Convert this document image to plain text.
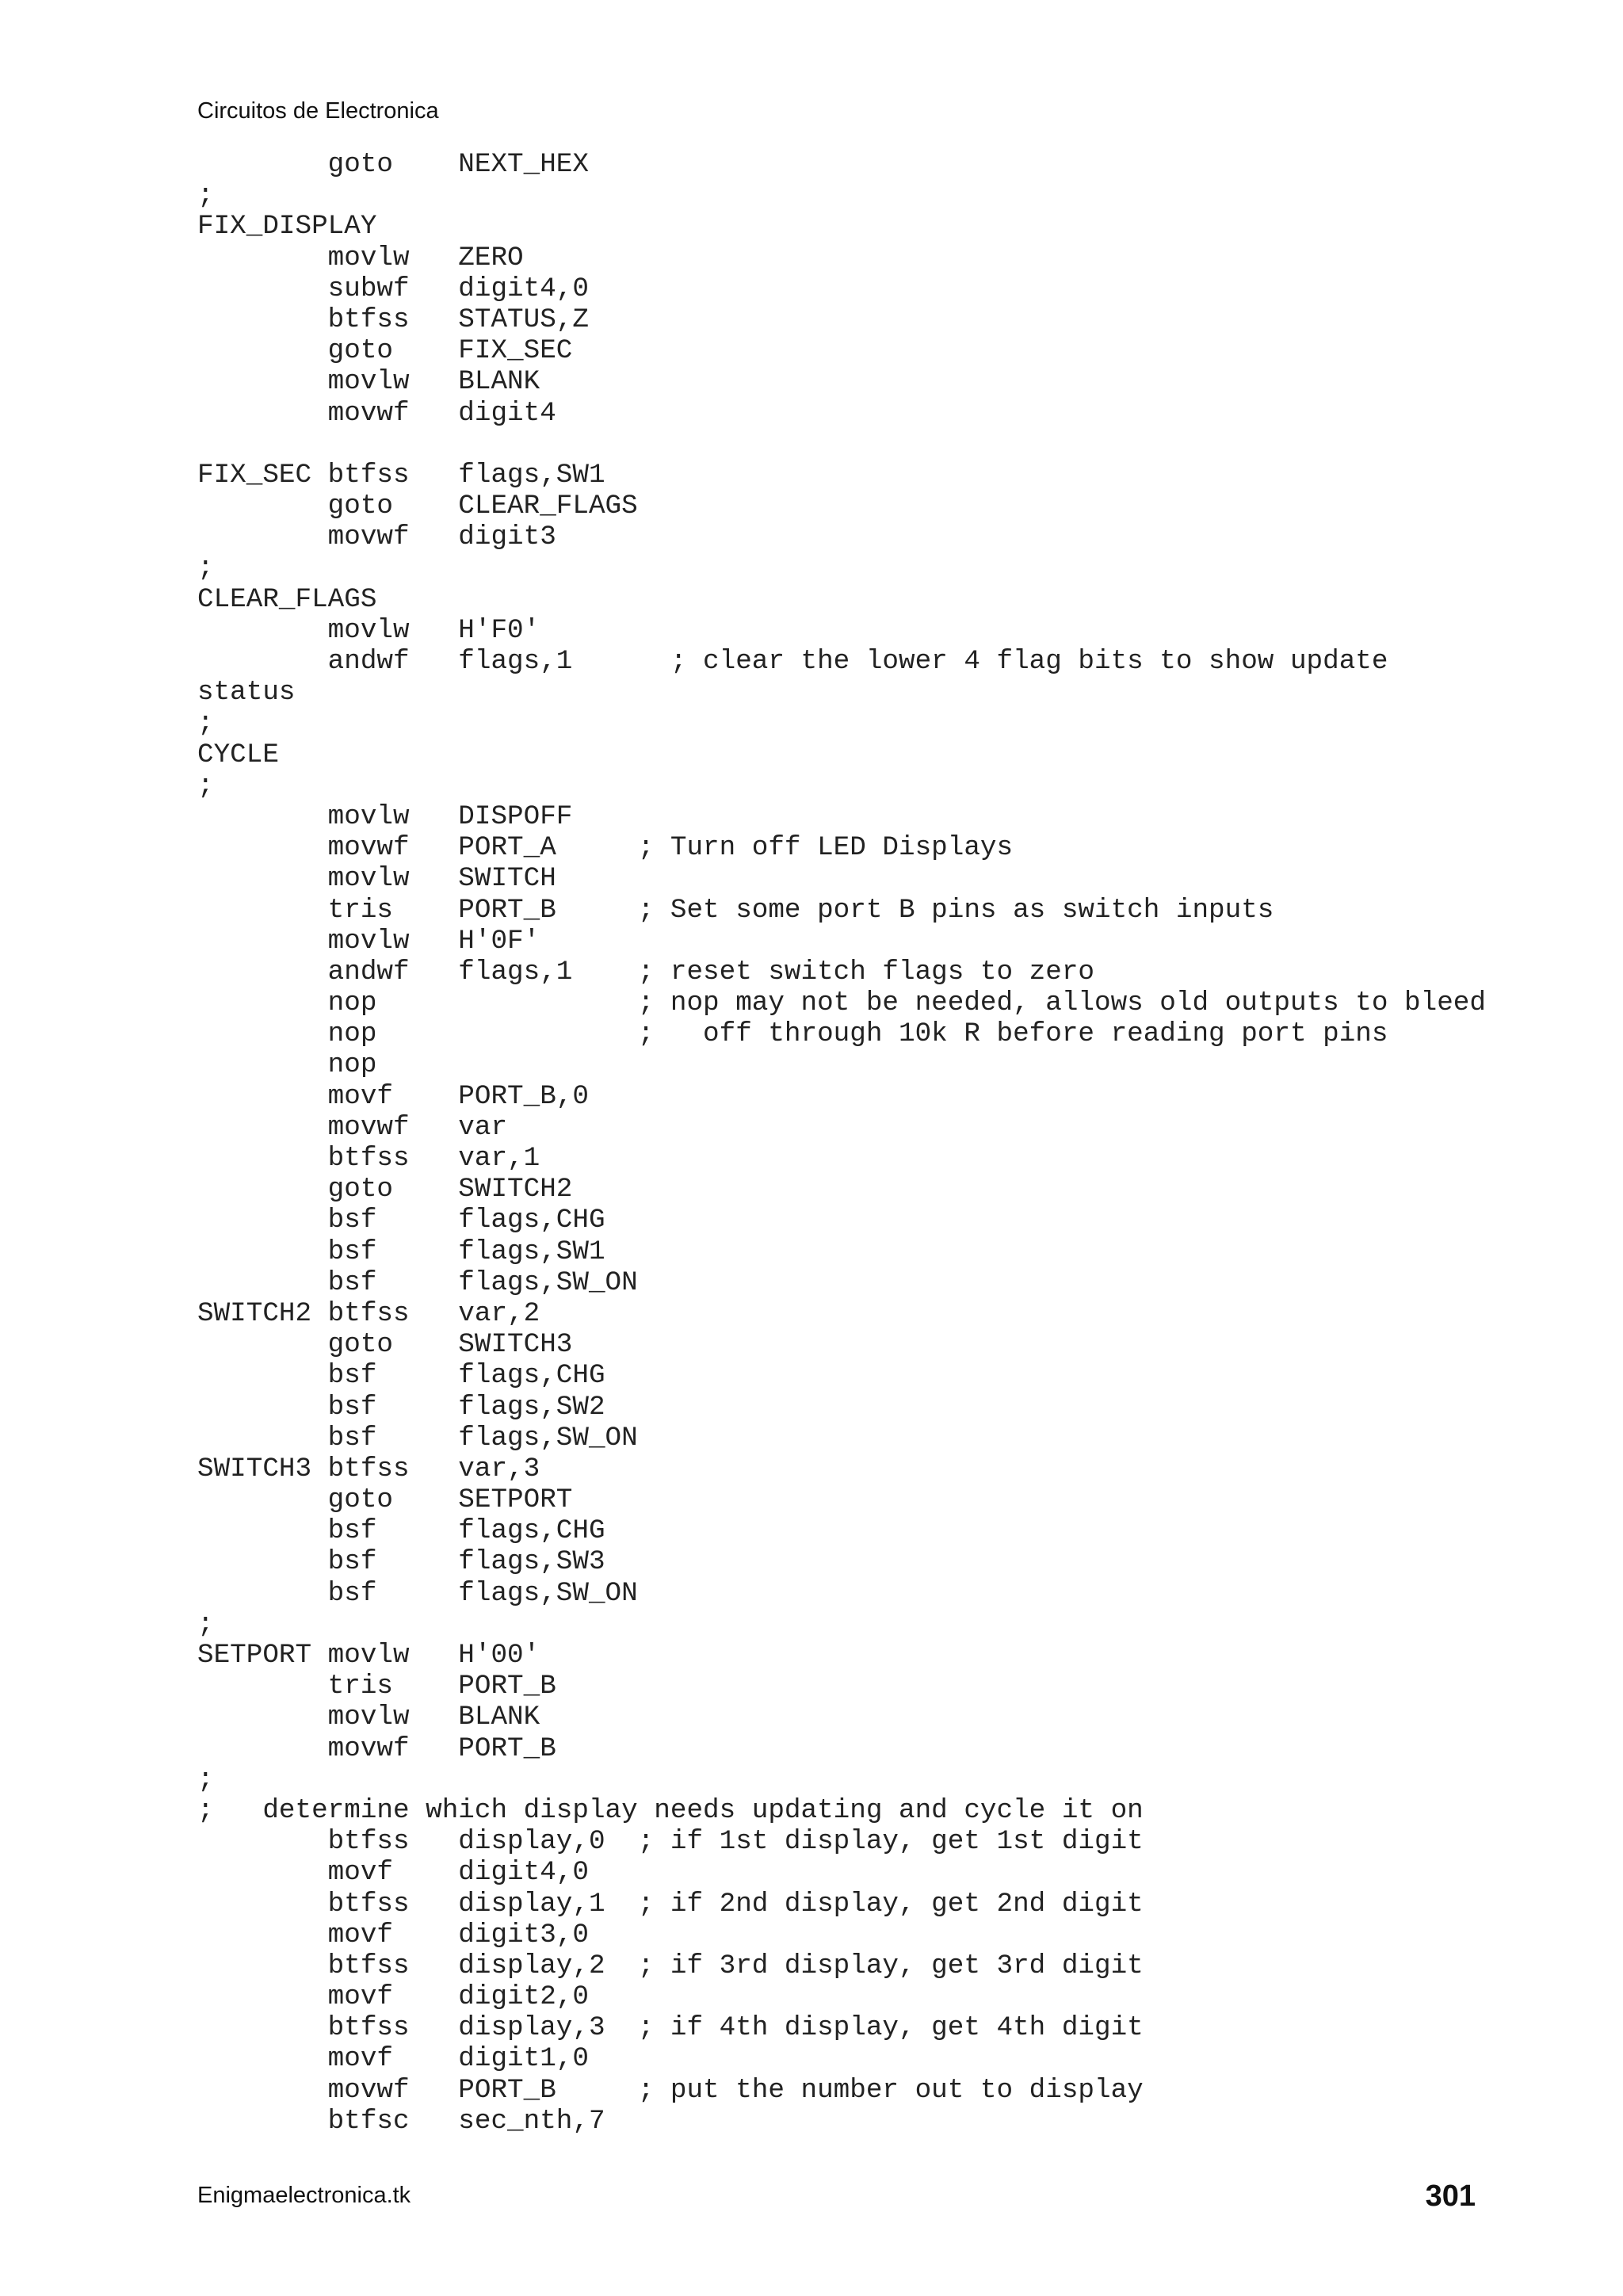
Circuitos de Electronica
goto    NEXT_HEX
;
FIX_DISPLAY
movlw   ZERO
subwf   digit4,0
btfss   STATUS,Z
goto    FIX_SEC
movlw   BLANK
movwf   digit4
FIX_SEC btfss   flags,SW1
goto    CLEAR_FLAGS
movwf   digit3
;
CLEAR_FLAGS
movlw   H'F0'
andwf   flags,1      ; clear the lower 4 flag bits to show update
status
;
CYCLE
;
movlw   DISPOFF
movwf   PORT_A     ; Turn off LED Displays
movlw   SWITCH
tris    PORT_B     ; Set some port B pins as switch inputs
movlw   H'0F'
andwf   flags,1    ; reset switch flags to zero
nop                ; nop may not be needed, allows old outputs to bleed
nop                ;   off through 10k R before reading port pins
nop
movf    PORT_B,0
movwf   var
btfss   var,1
goto    SWITCH2
bsf     flags,CHG
bsf     flags,SW1
bsf     flags,SW_ON
SWITCH2 btfss   var,2
goto    SWITCH3
bsf     flags,CHG
bsf     flags,SW2
bsf     flags,SW_ON
SWITCH3 btfss   var,3
goto    SETPORT
bsf     flags,CHG
bsf     flags,SW3
bsf     flags,SW_ON
;
SETPORT movlw   H'00'
tris    PORT_B
movlw   BLANK
movwf   PORT_B
;
;   determine which display needs updating and cycle it on
btfss   display,0  ; if 1st display, get 1st digit
movf    digit4,0
btfss   display,1  ; if 2nd display, get 2nd digit
movf    digit3,0
btfss   display,2  ; if 3rd display, get 3rd digit
movf    digit2,0
btfss   display,3  ; if 4th display, get 4th digit
movf    digit1,0
movwf   PORT_B     ; put the number out to display
btfsc   sec_nth,7
Enigmaelectronica.tk	301
